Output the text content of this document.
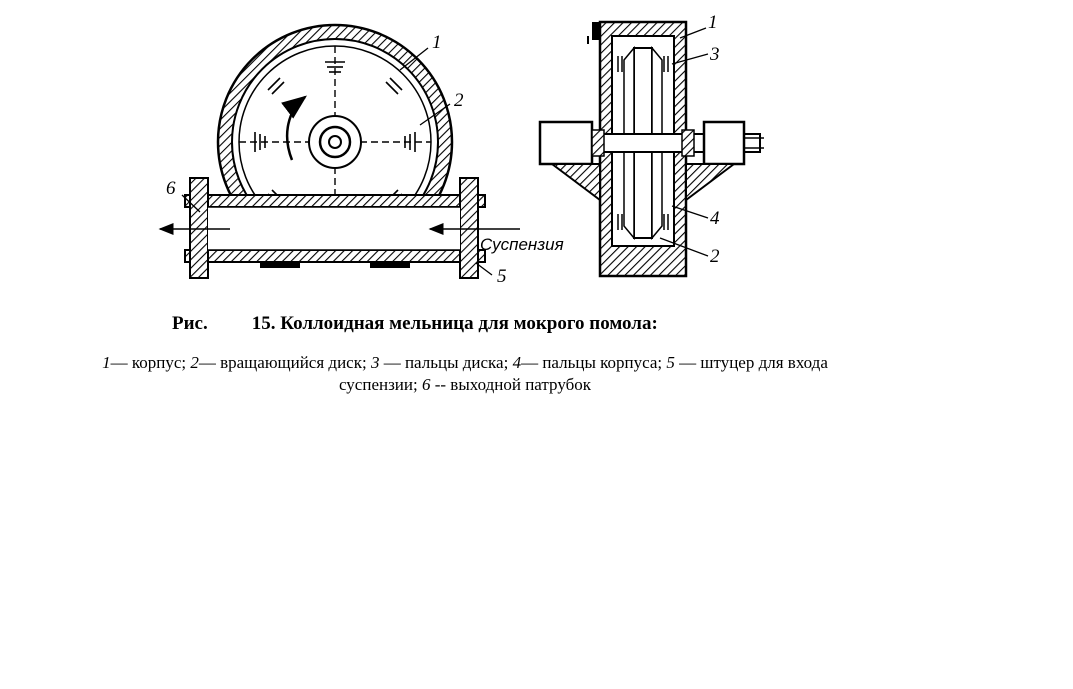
1
2
6
5
Суспензия
1
3
4
2
Рис. 15. Коллоидная мельница для мокрого помола:
1— корпус; 2— вращающийся диск; 3 — пальцы диска; 4— пальцы корпуса; 5 — штуцер для входа
суспензии; 6 -- выходной патрубок
